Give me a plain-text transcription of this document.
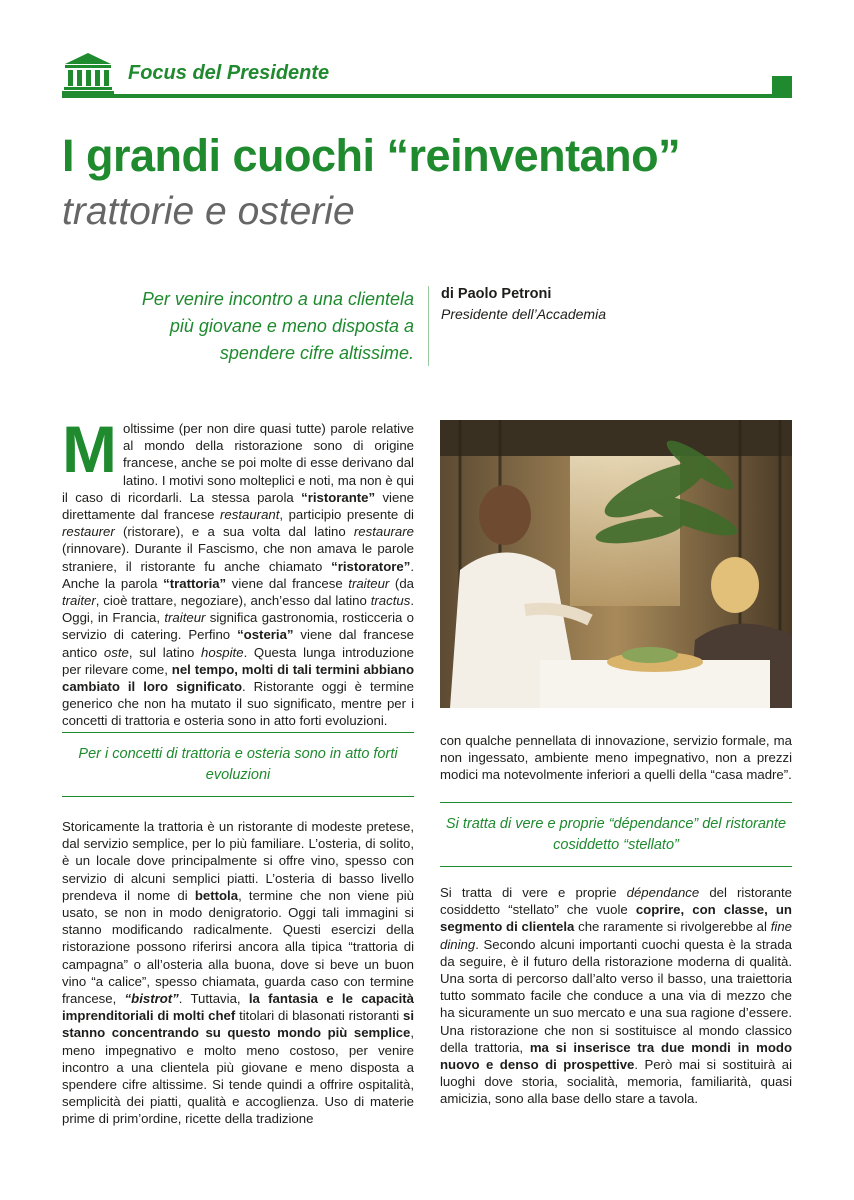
Focus del Presidente
I grandi cuochi “reinventano”
trattorie e osterie
Per venire incontro a una clientela più giovane e meno disposta a spendere cifre altissime.
di Paolo Petroni
Presidente dell’Accademia
Moltissime (per non dire quasi tutte) parole relative al mondo della ristorazione sono di origine francese, anche se poi molte di esse derivano dal latino. I motivi sono molteplici e noti, ma non è qui il caso di ricordarli. La stessa parola “ristorante” viene direttamente dal francese restaurant, participio presente di restaurer (ristorare), e a sua volta dal latino restaurare (rinnovare). Durante il Fascismo, che non amava le parole straniere, il ristorante fu anche chiamato “ristoratore”. Anche la parola “trattoria” viene dal francese traiteur (da traiter, cioè trattare, negoziare), anch’esso dal latino tractus. Oggi, in Francia, traiteur significa gastronomia, rosticceria o servizio di catering. Perfino “osteria” viene dal francese antico oste, sul latino hospite. Questa lunga introduzione per rilevare come, nel tempo, molti di tali termini abbiano cambiato il loro significato. Ristorante oggi è termine generico che non ha mutato il suo significato, mentre per i concetti di trattoria e osteria sono in atto forti evoluzioni.
Per i concetti di trattoria e osteria sono in atto forti evoluzioni
Storicamente la trattoria è un ristorante di modeste pretese, dal servizio semplice, per lo più familiare. L’osteria, di solito, è un locale dove principalmente si offre vino, spesso con servizio di alcuni semplici piatti. L’osteria di basso livello prendeva il nome di bettola, termine che non viene più usato, se non in modo denigratorio. Oggi tali immagini si stanno modificando radicalmente. Questi esercizi della ristorazione possono riferirsi ancora alla tipica “trattoria di campagna” o all’osteria alla buona, dove si beve un buon vino “a calice”, spesso chiamata, guarda caso con termine francese, “bistrot”. Tuttavia, la fantasia e le capacità imprenditoriali di molti chef titolari di blasonati ristoranti si stanno concentrando su questo mondo più semplice, meno impegnativo e molto meno costoso, per venire incontro a una clientela più giovane e meno disposta a spendere cifre altissime. Si tende quindi a offrire ospitalità, semplicità dei piatti, qualità e accoglienza. Uso di materie prime di prim’ordine, ricette della tradizione
con qualche pennellata di innovazione, servizio formale, ma non ingessato, ambiente meno impegnativo, non a prezzi modici ma notevolmente inferiori a quelli della “casa madre”.
Si tratta di vere e proprie “dépendance” del ristorante cosiddetto “stellato”
Si tratta di vere e proprie dépendance del ristorante cosiddetto “stellato” che vuole coprire, con classe, un segmento di clientela che raramente si rivolgerebbe al fine dining. Secondo alcuni importanti cuochi questa è la strada da seguire, è il futuro della ristorazione moderna di qualità. Una sorta di percorso dall’alto verso il basso, una traiettoria tutto sommato facile che conduce a una via di mezzo che ha sicuramente un suo mercato e una sua ragione d’essere. Una ristorazione che non si sostituisce al mondo classico della trattoria, ma si inserisce tra due mondi in modo nuovo e denso di prospettive. Però mai si sostituirà ai luoghi dove storia, socialità, memoria, familiarità, quasi amicizia, sono alla base dello stare a tavola.
